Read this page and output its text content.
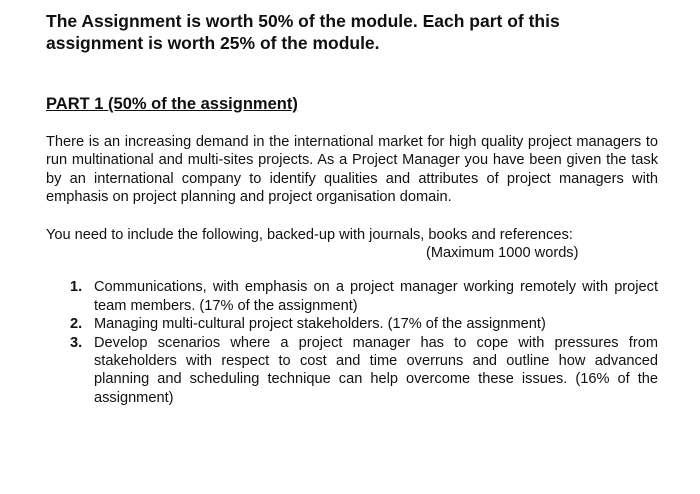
The Assignment is worth 50% of the module. Each part of this assignment is worth 25% of the module.

PART 1 (50% of the assignment)

There is an increasing demand in the international market for high quality project managers to run multinational and multi-sites projects. As a Project Manager you have been given the task by an international company to identify qualities and attributes of project managers with emphasis on project planning and project organisation domain.

You need to include the following, backed-up with journals, books and references:

(Maximum 1000 words)

1. Communications, with emphasis on a project manager working remotely with project team members. (17% of the assignment)
2. Managing multi-cultural project stakeholders. (17% of the assignment)
3. Develop scenarios where a project manager has to cope with pressures from stakeholders with respect to cost and time overruns and outline how advanced planning and scheduling technique can help overcome these issues. (16% of the assignment)
